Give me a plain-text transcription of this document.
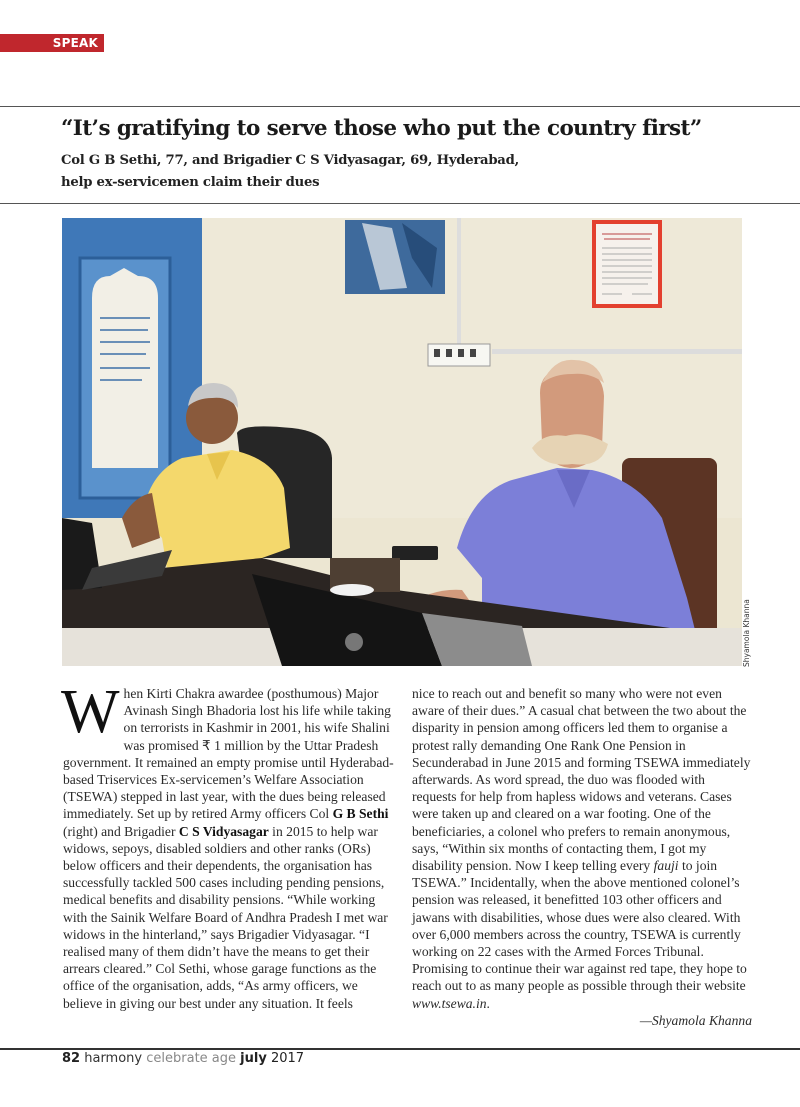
SPEAK
“It’s gratifying to serve those who put the country first”
Col G B Sethi, 77, and Brigadier C S Vidyasagar, 69, Hyderabad,
help ex-servicemen claim their dues
Shyamola Khanna
W hen Kirti Chakra awardee (posthumous) Major Avinash Singh Bhadoria lost his life while taking on terrorists in Kashmir in 2001, his wife Shalini was promised ₹ 1 million by the Uttar Pradesh government. It remained an empty promise until Hyderabad-based Triservices Ex-servicemen’s Welfare Association (TSEWA) stepped in last year, with the dues being released immediately. Set up by retired Army officers Col G B Sethi (right) and Brigadier C S Vidyasagar in 2015 to help war widows, sepoys, disabled soldiers and other ranks (ORs) below officers and their dependents, the organisation has successfully tackled 500 cases including pending pensions, medical benefits and disability pensions. “While working with the Sainik Welfare Board of Andhra Pradesh I met war widows in the hinterland,” says Brigadier Vidyasagar. “I realised many of them didn’t have the means to get their arrears cleared.” Col Sethi, whose garage functions as the office of the organisation, adds, “As army officers, we believe in giving our best under any situation. It feels

nice to reach out and benefit so many who were not even aware of their dues.” A casual chat between the two about the disparity in pension among officers led them to organise a protest rally demanding One Rank One Pension in Secunderabad in June 2015 and forming TSEWA immediately afterwards. As word spread, the duo was flooded with requests for help from hapless widows and veterans. Cases were taken up and cleared on a war footing. One of the beneficiaries, a colonel who prefers to remain anonymous, says, “Within six months of contacting them, I got my disability pension. Now I keep telling every fauji to join TSEWA.” Incidentally, when the above mentioned colonel’s pension was released, it benefitted 103 other officers and jawans with disabilities, whose dues were also cleared. With over 6,000 members across the country, TSEWA is currently working on 22 cases with the Armed Forces Tribunal. Promising to continue their war against red tape, they hope to reach out to as many people as possible through their website www.tsewa.in.

—Shyamola Khanna

82 harmony celebrate age july 2017
